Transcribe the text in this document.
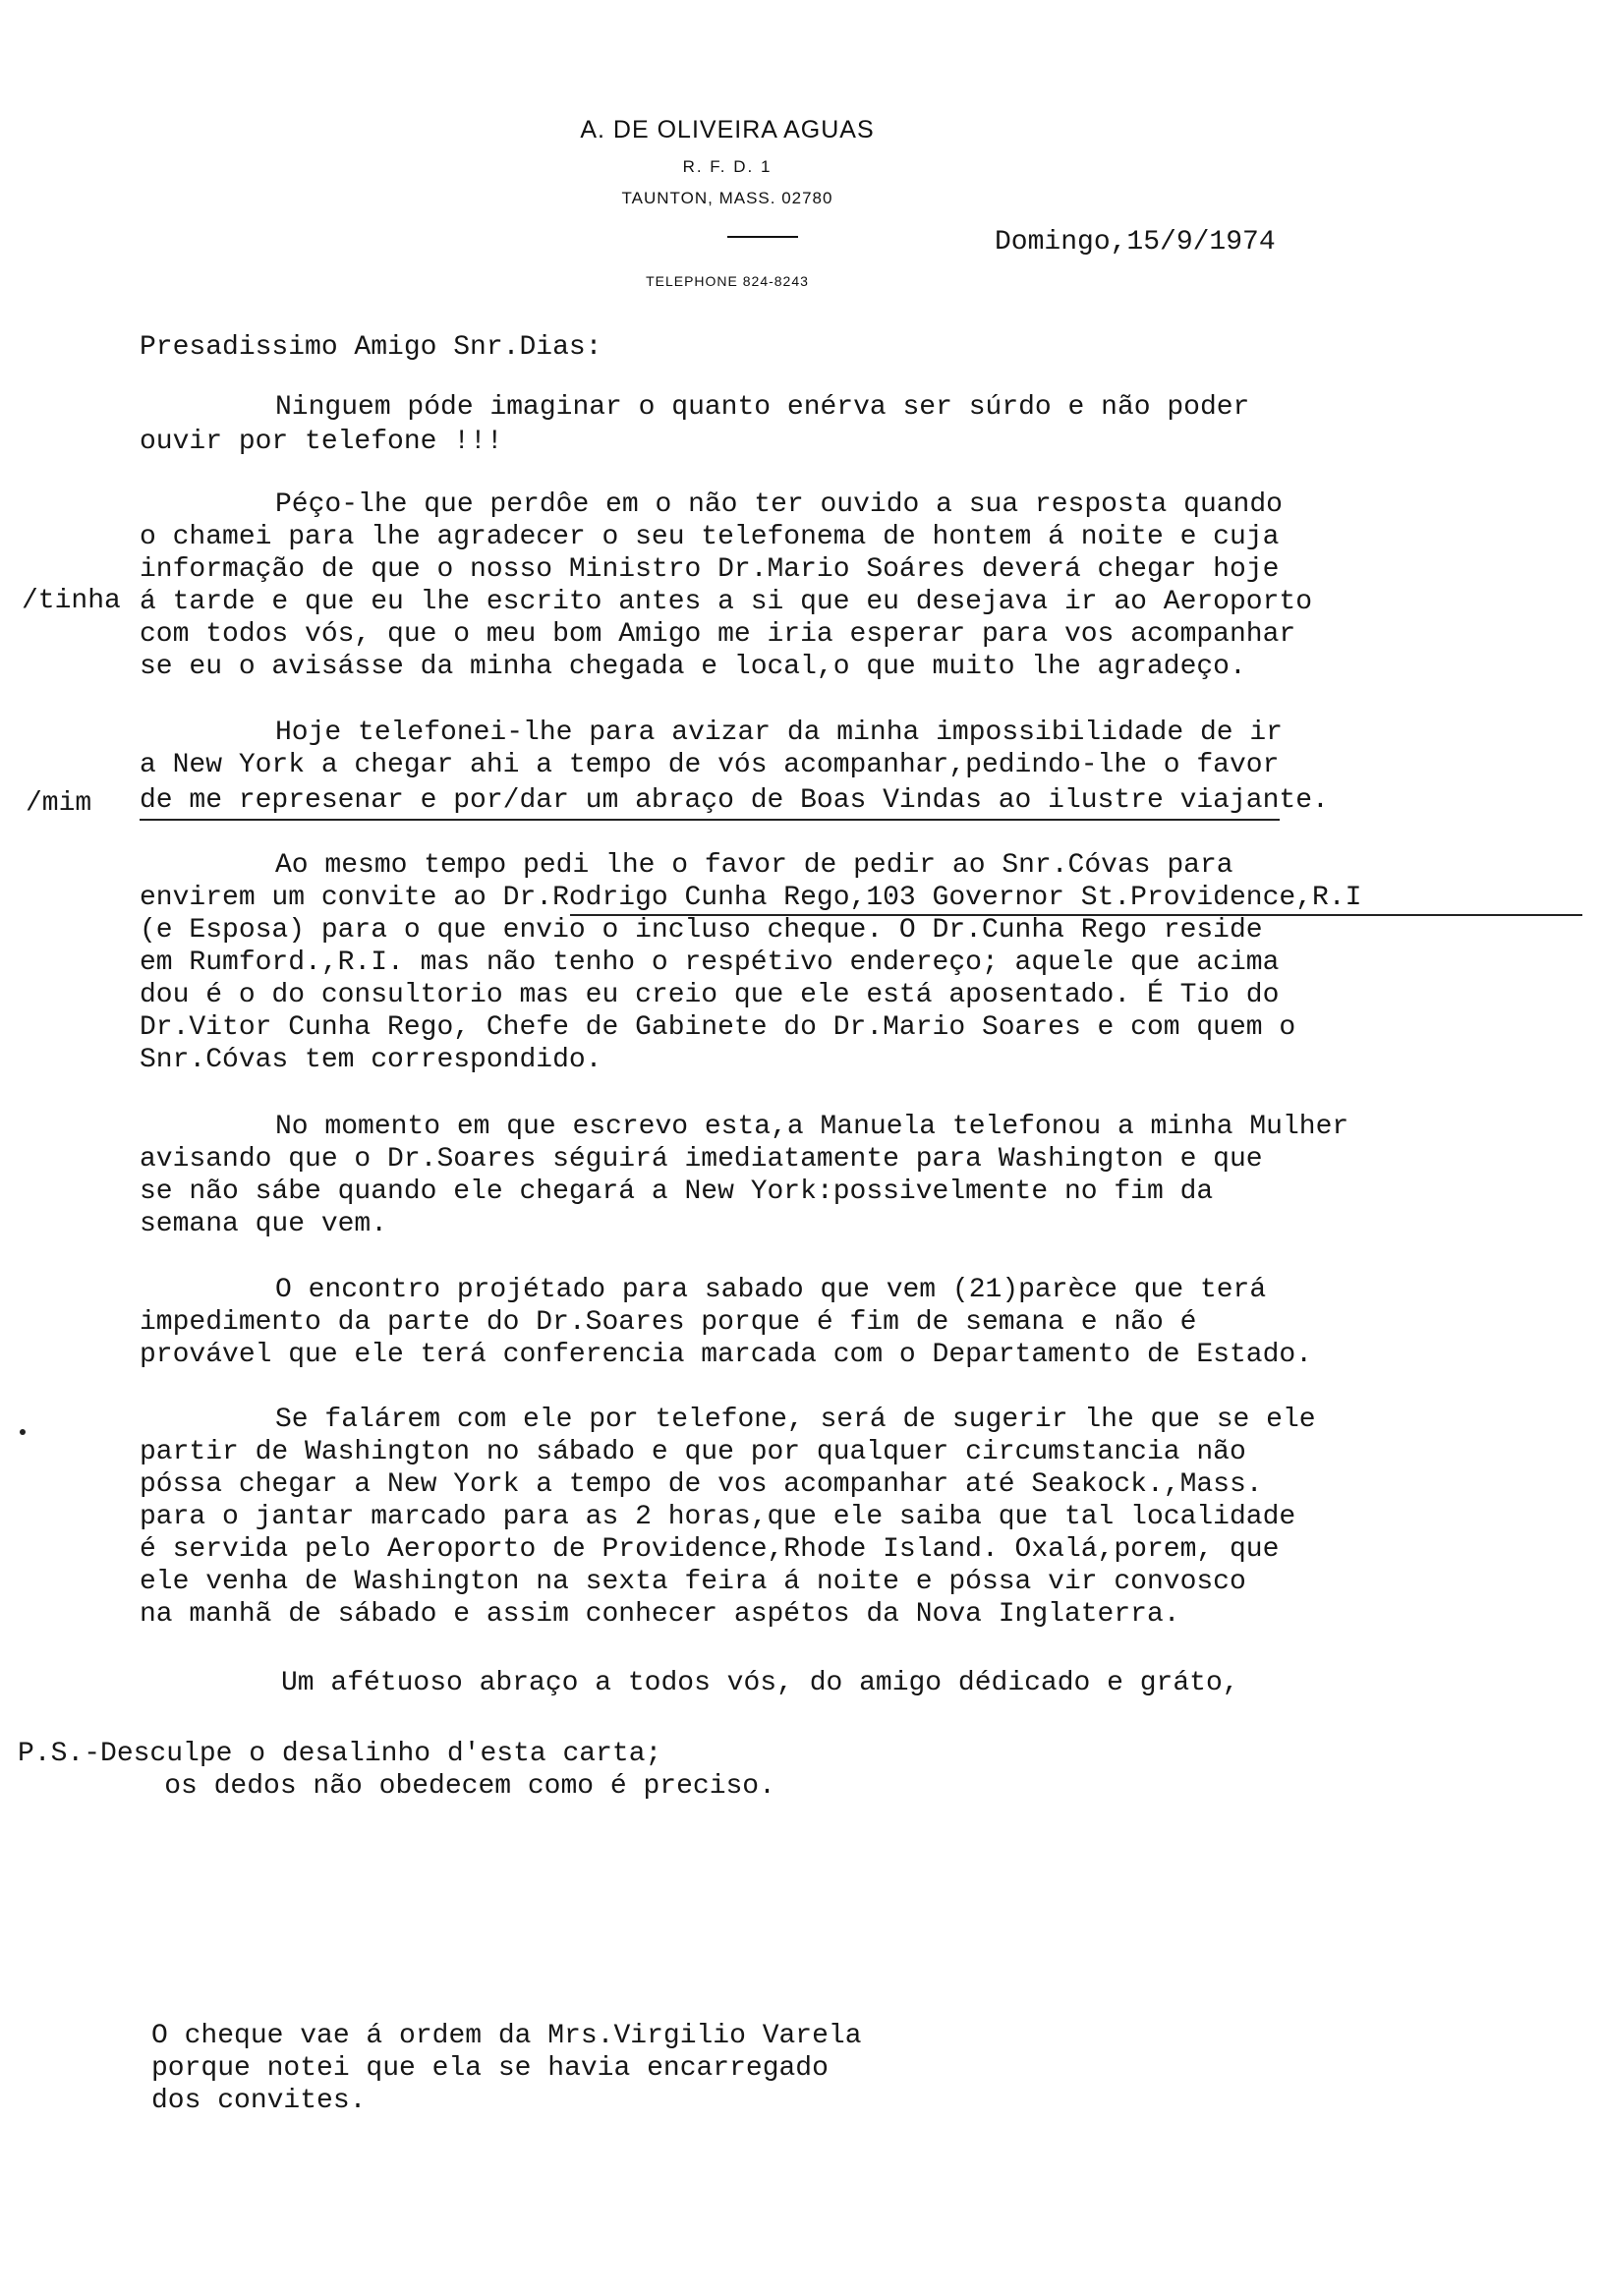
A. DE OLIVEIRA AGUAS
R. F. D. 1
TAUNTON, MASS. 02780
TELEPHONE 824-8243
Domingo,15/9/1974
Presadissimo Amigo Snr.Dias:
Ninguem póde imaginar o quanto enérva ser súrdo e não poder
ouvir por telefone !!!
Péço-lhe que perdôe em o não ter ouvido a sua resposta quando
o chamei para lhe agradecer o seu telefonema de hontem á noite e cuja
informação de que o nosso Ministro Dr.Mario Soáres deverá chegar hoje
á tarde e que eu lhe escrito antes a si que eu desejava ir ao Aeroporto
com todos vós, que o meu bom Amigo me iria esperar para vos acompanhar
se eu o avisásse da minha chegada e local,o que muito lhe agradeço.
/tinha
Hoje telefonei-lhe para avizar da minha impossibilidade de ir
a New York a chegar ahi a tempo de vós acompanhar,pedindo-lhe o favor
de me represenar e por/dar um abraço de Boas Vindas ao ilustre viajante.
/mim
Ao mesmo tempo pedi lhe o favor de pedir ao Snr.Cóvas para
envirem um convite ao Dr.Rodrigo Cunha Rego,103 Governor St.Providence,R.I
(e Esposa) para o que envio o incluso cheque. O Dr.Cunha Rego reside
em Rumford.,R.I. mas não tenho o respétivo endereço; aquele que acima
dou é o do consultorio mas eu creio que ele está aposentado. É Tio do
Dr.Vitor Cunha Rego, Chefe de Gabinete do Dr.Mario Soares e com quem o
Snr.Cóvas tem correspondido.
No momento em que escrevo esta,a Manuela telefonou a minha Mulher
avisando que o Dr.Soares séguirá imediatamente para Washington e que
se não sábe quando ele chegará a New York:possivelmente no fim da
semana que vem.
O encontro projétado para sabado que vem (21)parèce que terá
impedimento da parte do Dr.Soares porque é fim de semana e não é
provável que ele terá conferencia marcada com o Departamento de Estado.
Se falárem com ele por telefone, será de sugerir lhe que se ele
partir de Washington no sábado e que por qualquer circumstancia não
póssa chegar a New York a tempo de vos acompanhar até Seakock.,Mass.
para o jantar marcado para as 2 horas,que ele saiba que tal localidade
é servida pelo Aeroporto de Providence,Rhode Island. Oxalá,porem, que
ele venha de Washington na sexta feira á noite e póssa vir convosco
na manhã de sábado e assim conhecer aspétos da Nova Inglaterra.
Um afétuoso abraço a todos vós, do amigo dédicado e gráto,
P.S.-Desculpe o desalinho d'esta carta;
os dedos não obedecem como é preciso.
O cheque vae á ordem da Mrs.Virgilio Varela
porque notei que ela se havia encarregado
dos convites.
